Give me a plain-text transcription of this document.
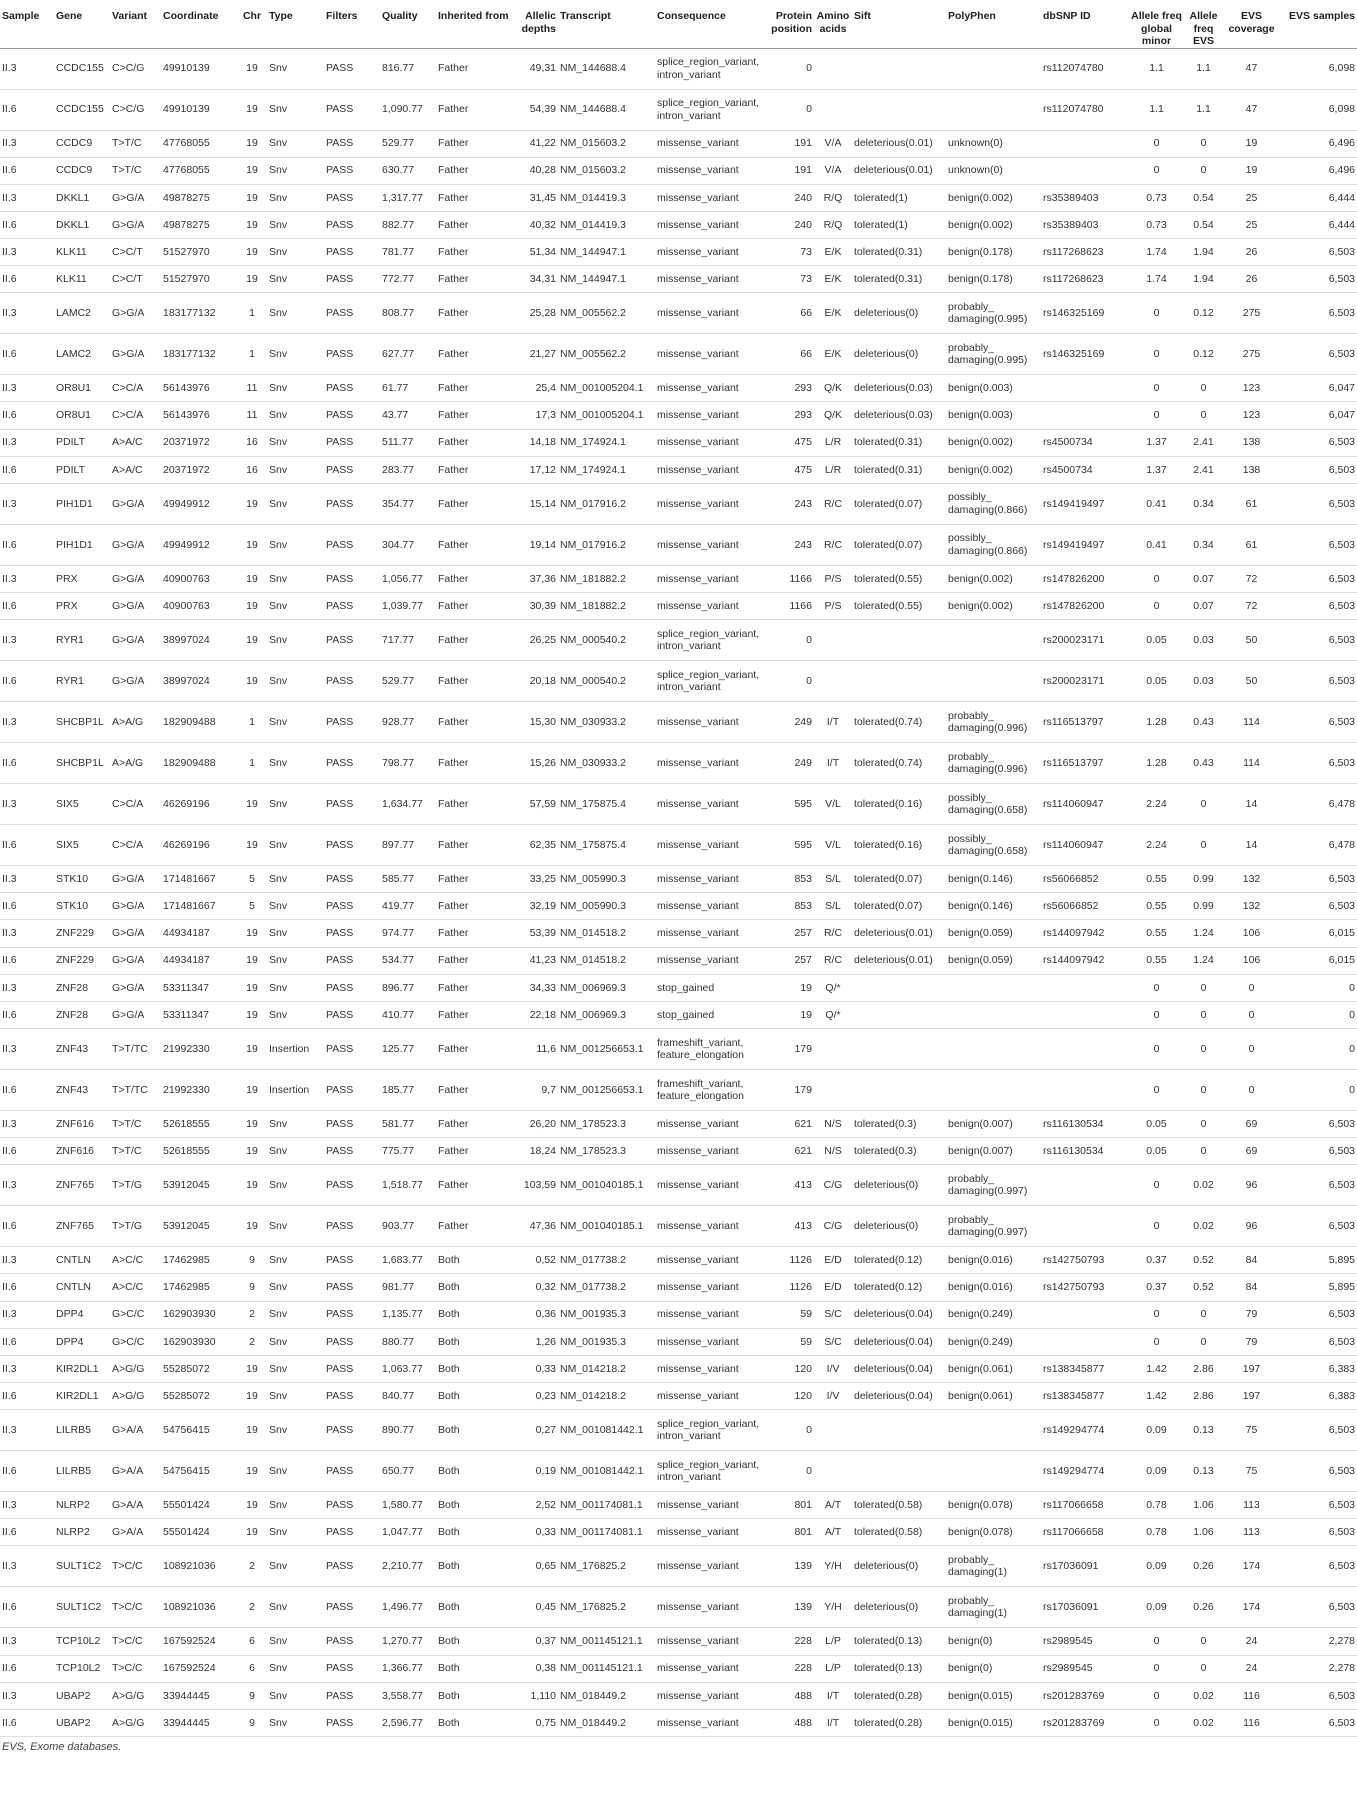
Sample	Gene	Variant	Coordinate	Chr	Type	Filters	Quality	Inherited from	Allelic depths	Transcript	Consequence	Protein position	Amino acids	Sift	PolyPhen	dbSNP ID	Allele freq global minor	Allele freq EVS	EVS coverage	EVS samples
II.3	CCDC155	C>C/G	49910139	19	Snv	PASS	816.77	Father	49,31	NM_144688.4	splice_region_variant, intron_variant	0				rs112074780	1.1	1.1	47	6,098
II.6	CCDC155	C>C/G	49910139	19	Snv	PASS	1,090.77	Father	54,39	NM_144688.4	splice_region_variant, intron_variant	0				rs112074780	1.1	1.1	47	6,098
II.3	CCDC9	T>T/C	47768055	19	Snv	PASS	529.77	Father	41,22	NM_015603.2	missense_variant	191	V/A	deleterious(0.01)	unknown(0)		0	0	19	6,496
II.6	CCDC9	T>T/C	47768055	19	Snv	PASS	630.77	Father	40,28	NM_015603.2	missense_variant	191	V/A	deleterious(0.01)	unknown(0)		0	0	19	6,496
II.3	DKKL1	G>G/A	49878275	19	Snv	PASS	1,317.77	Father	31,45	NM_014419.3	missense_variant	240	R/Q	tolerated(1)	benign(0.002)	rs35389403	0.73	0.54	25	6,444
II.6	DKKL1	G>G/A	49878275	19	Snv	PASS	882.77	Father	40,32	NM_014419.3	missense_variant	240	R/Q	tolerated(1)	benign(0.002)	rs35389403	0.73	0.54	25	6,444
II.3	KLK11	C>C/T	51527970	19	Snv	PASS	781.77	Father	51,34	NM_144947.1	missense_variant	73	E/K	tolerated(0.31)	benign(0.178)	rs117268623	1.74	1.94	26	6,503
II.6	KLK11	C>C/T	51527970	19	Snv	PASS	772.77	Father	34,31	NM_144947.1	missense_variant	73	E/K	tolerated(0.31)	benign(0.178)	rs117268623	1.74	1.94	26	6,503
II.3	LAMC2	G>G/A	183177132	1	Snv	PASS	808.77	Father	25,28	NM_005562.2	missense_variant	66	E/K	deleterious(0)	probably_ damaging(0.995)	rs146325169	0	0.12	275	6,503
II.6	LAMC2	G>G/A	183177132	1	Snv	PASS	627.77	Father	21,27	NM_005562.2	missense_variant	66	E/K	deleterious(0)	probably_ damaging(0.995)	rs146325169	0	0.12	275	6,503
II.3	OR8U1	C>C/A	56143976	11	Snv	PASS	61.77	Father	25,4	NM_001005204.1	missense_variant	293	Q/K	deleterious(0.03)	benign(0.003)		0	0	123	6,047
II.6	OR8U1	C>C/A	56143976	11	Snv	PASS	43.77	Father	17,3	NM_001005204.1	missense_variant	293	Q/K	deleterious(0.03)	benign(0.003)		0	0	123	6,047
II.3	PDILT	A>A/C	20371972	16	Snv	PASS	511.77	Father	14,18	NM_174924.1	missense_variant	475	L/R	tolerated(0.31)	benign(0.002)	rs4500734	1.37	2.41	138	6,503
II.6	PDILT	A>A/C	20371972	16	Snv	PASS	283.77	Father	17,12	NM_174924.1	missense_variant	475	L/R	tolerated(0.31)	benign(0.002)	rs4500734	1.37	2.41	138	6,503
II.3	PIH1D1	G>G/A	49949912	19	Snv	PASS	354.77	Father	15,14	NM_017916.2	missense_variant	243	R/C	tolerated(0.07)	possibly_ damaging(0.866)	rs149419497	0.41	0.34	61	6,503
II.6	PIH1D1	G>G/A	49949912	19	Snv	PASS	304.77	Father	19,14	NM_017916.2	missense_variant	243	R/C	tolerated(0.07)	possibly_ damaging(0.866)	rs149419497	0.41	0.34	61	6,503
II.3	PRX	G>G/A	40900763	19	Snv	PASS	1,056.77	Father	37,36	NM_181882.2	missense_variant	1166	P/S	tolerated(0.55)	benign(0.002)	rs147826200	0	0.07	72	6,503
II.6	PRX	G>G/A	40900763	19	Snv	PASS	1,039.77	Father	30,39	NM_181882.2	missense_variant	1166	P/S	tolerated(0.55)	benign(0.002)	rs147826200	0	0.07	72	6,503
II.3	RYR1	G>G/A	38997024	19	Snv	PASS	717.77	Father	26,25	NM_000540.2	splice_region_variant, intron_variant	0				rs200023171	0.05	0.03	50	6,503
II.6	RYR1	G>G/A	38997024	19	Snv	PASS	529.77	Father	20,18	NM_000540.2	splice_region_variant, intron_variant	0				rs200023171	0.05	0.03	50	6,503
II.3	SHCBP1L	A>A/G	182909488	1	Snv	PASS	928.77	Father	15,30	NM_030933.2	missense_variant	249	I/T	tolerated(0.74)	probably_ damaging(0.996)	rs116513797	1.28	0.43	114	6,503
II.6	SHCBP1L	A>A/G	182909488	1	Snv	PASS	798.77	Father	15,26	NM_030933.2	missense_variant	249	I/T	tolerated(0.74)	probably_ damaging(0.996)	rs116513797	1.28	0.43	114	6,503
II.3	SIX5	C>C/A	46269196	19	Snv	PASS	1,634.77	Father	57,59	NM_175875.4	missense_variant	595	V/L	tolerated(0.16)	possibly_ damaging(0.658)	rs114060947	2.24	0	14	6,478
II.6	SIX5	C>C/A	46269196	19	Snv	PASS	897.77	Father	62,35	NM_175875.4	missense_variant	595	V/L	tolerated(0.16)	possibly_ damaging(0.658)	rs114060947	2.24	0	14	6,478
II.3	STK10	G>G/A	171481667	5	Snv	PASS	585.77	Father	33,25	NM_005990.3	missense_variant	853	S/L	tolerated(0.07)	benign(0.146)	rs56066852	0.55	0.99	132	6,503
II.6	STK10	G>G/A	171481667	5	Snv	PASS	419.77	Father	32,19	NM_005990.3	missense_variant	853	S/L	tolerated(0.07)	benign(0.146)	rs56066852	0.55	0.99	132	6,503
II.3	ZNF229	G>G/A	44934187	19	Snv	PASS	974.77	Father	53,39	NM_014518.2	missense_variant	257	R/C	deleterious(0.01)	benign(0.059)	rs144097942	0.55	1.24	106	6,015
II.6	ZNF229	G>G/A	44934187	19	Snv	PASS	534.77	Father	41,23	NM_014518.2	missense_variant	257	R/C	deleterious(0.01)	benign(0.059)	rs144097942	0.55	1.24	106	6,015
II.3	ZNF28	G>G/A	53311347	19	Snv	PASS	896.77	Father	34,33	NM_006969.3	stop_gained	19	Q/*				0	0	0	0
II.6	ZNF28	G>G/A	53311347	19	Snv	PASS	410.77	Father	22,18	NM_006969.3	stop_gained	19	Q/*				0	0	0	0
II.3	ZNF43	T>T/TC	21992330	19	Insertion	PASS	125.77	Father	11,6	NM_001256653.1	frameshift_variant, feature_elongation	179					0	0	0	0
II.6	ZNF43	T>T/TC	21992330	19	Insertion	PASS	185.77	Father	9,7	NM_001256653.1	frameshift_variant, feature_elongation	179					0	0	0	0
II.3	ZNF616	T>T/C	52618555	19	Snv	PASS	581.77	Father	26,20	NM_178523.3	missense_variant	621	N/S	tolerated(0.3)	benign(0.007)	rs116130534	0.05	0	69	6,503
II.6	ZNF616	T>T/C	52618555	19	Snv	PASS	775.77	Father	18,24	NM_178523.3	missense_variant	621	N/S	tolerated(0.3)	benign(0.007)	rs116130534	0.05	0	69	6,503
II.3	ZNF765	T>T/G	53912045	19	Snv	PASS	1,518.77	Father	103,59	NM_001040185.1	missense_variant	413	C/G	deleterious(0)	probably_ damaging(0.997)		0	0.02	96	6,503
II.6	ZNF765	T>T/G	53912045	19	Snv	PASS	903.77	Father	47,36	NM_001040185.1	missense_variant	413	C/G	deleterious(0)	probably_ damaging(0.997)		0	0.02	96	6,503
II.3	CNTLN	A>C/C	17462985	9	Snv	PASS	1,683.77	Both	0,52	NM_017738.2	missense_variant	1126	E/D	tolerated(0.12)	benign(0.016)	rs142750793	0.37	0.52	84	5,895
II.6	CNTLN	A>C/C	17462985	9	Snv	PASS	981.77	Both	0,32	NM_017738.2	missense_variant	1126	E/D	tolerated(0.12)	benign(0.016)	rs142750793	0.37	0.52	84	5,895
II.3	DPP4	G>C/C	162903930	2	Snv	PASS	1,135.77	Both	0,36	NM_001935.3	missense_variant	59	S/C	deleterious(0.04)	benign(0.249)		0	0	79	6,503
II.6	DPP4	G>C/C	162903930	2	Snv	PASS	880.77	Both	1,26	NM_001935.3	missense_variant	59	S/C	deleterious(0.04)	benign(0.249)		0	0	79	6,503
II.3	KIR2DL1	A>G/G	55285072	19	Snv	PASS	1,063.77	Both	0,33	NM_014218.2	missense_variant	120	I/V	deleterious(0.04)	benign(0.061)	rs138345877	1.42	2.86	197	6,383
II.6	KIR2DL1	A>G/G	55285072	19	Snv	PASS	840.77	Both	0,23	NM_014218.2	missense_variant	120	I/V	deleterious(0.04)	benign(0.061)	rs138345877	1.42	2.86	197	6,383
II.3	LILRB5	G>A/A	54756415	19	Snv	PASS	890.77	Both	0,27	NM_001081442.1	splice_region_variant, intron_variant	0				rs149294774	0.09	0.13	75	6,503
II.6	LILRB5	G>A/A	54756415	19	Snv	PASS	650.77	Both	0,19	NM_001081442.1	splice_region_variant, intron_variant	0				rs149294774	0.09	0.13	75	6,503
II.3	NLRP2	G>A/A	55501424	19	Snv	PASS	1,580.77	Both	2,52	NM_001174081.1	missense_variant	801	A/T	tolerated(0.58)	benign(0.078)	rs117066658	0.78	1.06	113	6,503
II.6	NLRP2	G>A/A	55501424	19	Snv	PASS	1,047.77	Both	0,33	NM_001174081.1	missense_variant	801	A/T	tolerated(0.58)	benign(0.078)	rs117066658	0.78	1.06	113	6,503
II.3	SULT1C2	T>C/C	108921036	2	Snv	PASS	2,210.77	Both	0,65	NM_176825.2	missense_variant	139	Y/H	deleterious(0)	probably_ damaging(1)	rs17036091	0.09	0.26	174	6,503
II.6	SULT1C2	T>C/C	108921036	2	Snv	PASS	1,496.77	Both	0,45	NM_176825.2	missense_variant	139	Y/H	deleterious(0)	probably_ damaging(1)	rs17036091	0.09	0.26	174	6,503
II.3	TCP10L2	T>C/C	167592524	6	Snv	PASS	1,270.77	Both	0,37	NM_001145121.1	missense_variant	228	L/P	tolerated(0.13)	benign(0)	rs2989545	0	0	24	2,278
II.6	TCP10L2	T>C/C	167592524	6	Snv	PASS	1,366.77	Both	0,38	NM_001145121.1	missense_variant	228	L/P	tolerated(0.13)	benign(0)	rs2989545	0	0	24	2,278
II.3	UBAP2	A>G/G	33944445	9	Snv	PASS	3,558.77	Both	1,110	NM_018449.2	missense_variant	488	I/T	tolerated(0.28)	benign(0.015)	rs201283769	0	0.02	116	6,503
II.6	UBAP2	A>G/G	33944445	9	Snv	PASS	2,596.77	Both	0,75	NM_018449.2	missense_variant	488	I/T	tolerated(0.28)	benign(0.015)	rs201283769	0	0.02	116	6,503
EVS, Exome databases.
